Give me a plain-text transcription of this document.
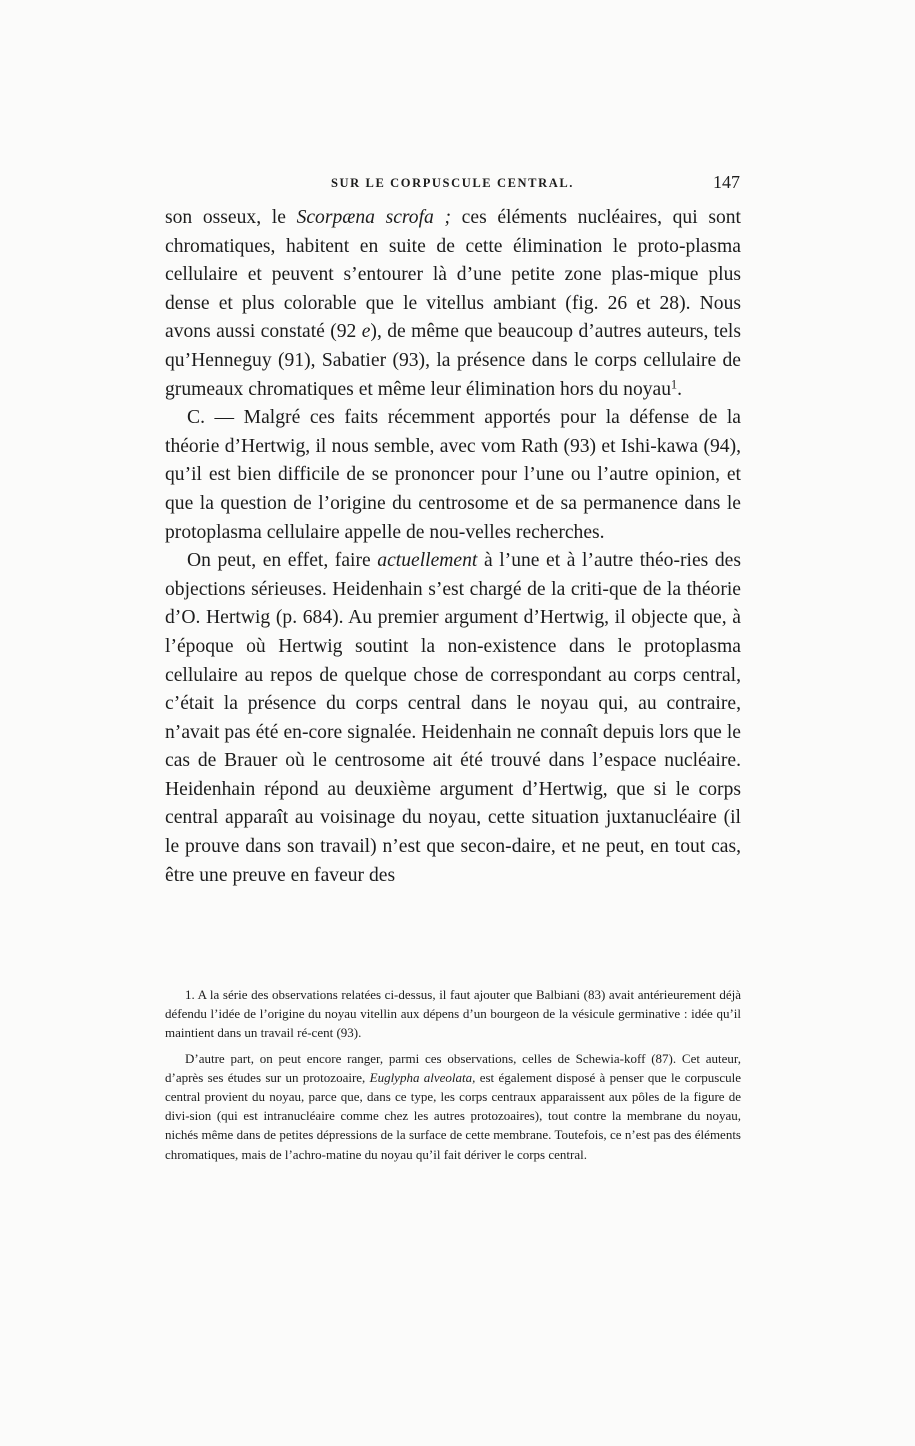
SUR LE CORPUSCULE CENTRAL.	147

son osseux, le Scorpæna scrofa ; ces éléments nucléaires, qui sont chromatiques, habitent en suite de cette élimination le proto-plasma cellulaire et peuvent s’entourer là d’une petite zone plas-mique plus dense et plus colorable que le vitellus ambiant (fig. 26 et 28). Nous avons aussi constaté (92 e), de même que beaucoup d’autres auteurs, tels qu’Henneguy (91), Sabatier (93), la présence dans le corps cellulaire de grumeaux chromatiques et même leur élimination hors du noyau$^1$.

C. — Malgré ces faits récemment apportés pour la défense de la théorie d’Hertwig, il nous semble, avec vom Rath (93) et Ishi-kawa (94), qu’il est bien difficile de se prononcer pour l’une ou l’autre opinion, et que la question de l’origine du centrosome et de sa permanence dans le protoplasma cellulaire appelle de nou-velles recherches.

On peut, en effet, faire actuellement à l’une et à l’autre théo-ries des objections sérieuses. Heidenhain s’est chargé de la criti-que de la théorie d’O. Hertwig (p. 684). Au premier argument d’Hertwig, il objecte que, à l’époque où Hertwig soutint la non-existence dans le protoplasma cellulaire au repos de quelque chose de correspondant au corps central, c’était la présence du corps central dans le noyau qui, au contraire, n’avait pas été en-core signalée. Heidenhain ne connaît depuis lors que le cas de Brauer où le centrosome ait été trouvé dans l’espace nucléaire. Heidenhain répond au deuxième argument d’Hertwig, que si le corps central apparaît au voisinage du noyau, cette situation juxtanucléaire (il le prouve dans son travail) n’est que secon-daire, et ne peut, en tout cas, être une preuve en faveur des

1. A la série des observations relatées ci-dessus, il faut ajouter que Balbiani (83) avait antérieurement déjà défendu l’idée de l’origine du noyau vitellin aux dépens d’un bourgeon de la vésicule germinative : idée qu’il maintient dans un travail ré-cent (93).

D’autre part, on peut encore ranger, parmi ces observations, celles de Schewia-koff (87). Cet auteur, d’après ses études sur un protozoaire, Euglypha alveolata, est également disposé à penser que le corpuscule central provient du noyau, parce que, dans ce type, les corps centraux apparaissent aux pôles de la figure de divi-sion (qui est intranucléaire comme chez les autres protozoaires), tout contre la membrane du noyau, nichés même dans de petites dépressions de la surface de cette membrane. Toutefois, ce n’est pas des éléments chromatiques, mais de l’achro-matine du noyau qu’il fait dériver le corps central.
